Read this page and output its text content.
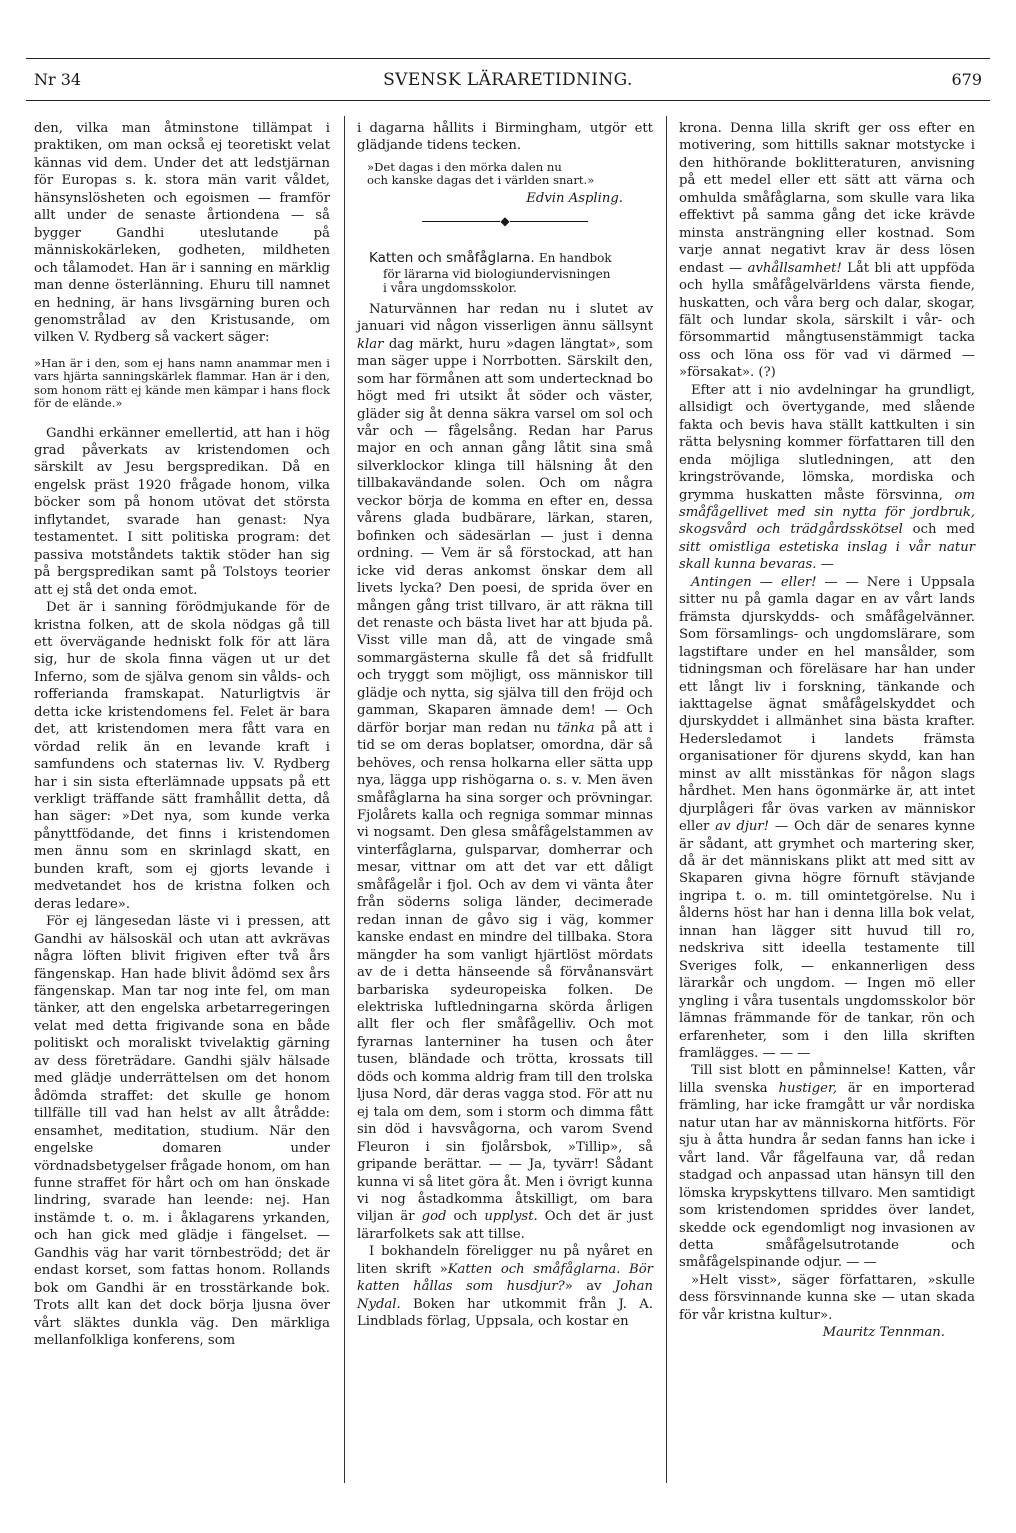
Nr 34	SVENSK LÄRARETIDNING.	679

den, vilka man åtminstone tillämpat i praktiken, om man också ej teoretiskt velat kännas vid dem. Under det att ledstjärnan för Europas s. k. stora män varit våldet, hänsynslösheten och egoismen — framför allt under de senaste årtiondena — så bygger Gandhi uteslutande på människokärleken, godheten, mildheten och tålamodet. Han är i sanning en märklig man denne österlänning. Ehuru till namnet en hedning, är hans livsgärning buren och genomstrålad av den Kristusande, om vilken V. Rydberg så vackert säger:

»Han är i den, som ej hans namn anammar men i vars hjärta sanningskärlek flammar. Han är i den, som honom rätt ej kände men kämpar i hans flock för de elände.»

Gandhi erkänner emellertid, att han i hög grad påverkats av kristendomen och särskilt av Jesu bergspredikan. Då en engelsk präst 1920 frågade honom, vilka böcker som på honom utövat det största inflytandet, svarade han genast: Nya testamentet. I sitt politiska program: det passiva motståndets taktik stöder han sig på bergspredikan samt på Tolstoys teorier att ej stå det onda emot.

Det är i sanning förödmjukande för de kristna folken, att de skola nödgas gå till ett övervägande hedniskt folk för att lära sig, hur de skola finna vägen ut ur det Inferno, som de själva genom sin vålds- och rofferianda framskapat. Naturligtvis är detta icke kristendomens fel. Felet är bara det, att kristendomen mera fått vara en vördad relik än en levande kraft i samfundens och staternas liv. V. Rydberg har i sin sista efterlämnade uppsats på ett verkligt träffande sätt framhållit detta, då han säger: »Det nya, som kunde verka pånyttfödande, det finns i kristendomen men ännu som en skrinlagd skatt, en bunden kraft, som ej gjorts levande i medvetandet hos de kristna folken och deras ledare».

För ej längesedan läste vi i pressen, att Gandhi av hälsoskäl och utan att avkrävas några löften blivit frigiven efter två års fängenskap. Han hade blivit ådömd sex års fängenskap. Man tar nog inte fel, om man tänker, att den engelska arbetarregeringen velat med detta frigivande sona en både politiskt och moraliskt tvivelaktig gärning av dess företrädare. Gandhi själv hälsade med glädje underrättelsen om det honom ådömda straffet: det skulle ge honom tillfälle till vad han helst av allt åtrådde: ensamhet, meditation, studium. När den engelske domaren under vördnadsbetygelser frågade honom, om han funne straffet för hårt och om han önskade lindring, svarade han leende: nej. Han instämde t. o. m. i åklagarens yrkanden, och han gick med glädje i fängelset. — Gandhis väg har varit törnbeströdd; det är endast korset, som fattas honom. Rollands bok om Gandhi är en trosstärkande bok. Trots allt kan det dock börja ljusna över vårt släktes dunkla väg. Den märkliga mellanfolkliga konferens, som

i dagarna hållits i Birmingham, utgör ett glädjande tidens tecken.

»Det dagas i den mörka dalen nu
och kanske dagas det i världen snart.»

Edvin Aspling.

◆

Katten och småfåglarna. En handbok
för lärarna vid biologiundervisningen
i våra ungdomsskolor.

Naturvännen har redan nu i slutet av januari vid någon visserligen ännu sällsynt klar dag märkt, huru »dagen längtat», som man säger uppe i Norrbotten. Särskilt den, som har förmånen att som undertecknad bo högt med fri utsikt åt söder och väster, gläder sig åt denna säkra varsel om sol och vår och — fågelsång. Redan har Parus major en och annan gång låtit sina små silverklockor klinga till hälsning åt den tillbakavändande solen. Och om några veckor börja de komma en efter en, dessa vårens glada budbärare, lärkan, staren, bofinken och sädesärlan — just i denna ordning. — Vem är så förstockad, att han icke vid deras ankomst önskar dem all livets lycka? Den poesi, de sprida över en mången gång trist tillvaro, är att räkna till det renaste och bästa livet har att bjuda på. Visst ville man då, att de vingade små sommargästerna skulle få det så fridfullt och tryggt som möjligt, oss människor till glädje och nytta, sig själva till den fröjd och gamman, Skaparen ämnade dem! — Och därför borjar man redan nu tänka på att i tid se om deras boplatser, omordna, där så behöves, och rensa holkarna eller sätta upp nya, lägga upp rishögarna o. s. v. Men även småfåglarna ha sina sorger och prövningar. Fjolårets kalla och regniga sommar minnas vi nogsamt. Den glesa småfågelstammen av vinterfåglarna, gulsparvar, domherrar och mesar, vittnar om att det var ett dåligt småfågelår i fjol. Och av dem vi vänta åter från söderns soliga länder, decimerade redan innan de gåvo sig i väg, kommer kanske endast en mindre del tillbaka. Stora mängder ha som vanligt hjärtlöst mördats av de i detta hänseende så förvånansvärt barbariska sydeuropeiska folken. De elektriska luftledningarna skörda årligen allt fler och fler småfågelliv. Och mot fyrarnas lanterniner ha tusen och åter tusen, bländade och trötta, krossats till döds och komma aldrig fram till den trolska ljusa Nord, där deras vagga stod. För att nu ej tala om dem, som i storm och dimma fått sin död i havsvågorna, och varom Svend Fleuron i sin fjolårsbok, »Tillip», så gripande berättar. — — Ja, tyvärr! Sådant kunna vi så litet göra åt. Men i övrigt kunna vi nog åstadkomma åtskilligt, om bara viljan är god och upplyst. Och det är just lärarfolkets sak att tillse.

I bokhandeln föreligger nu på nyåret en liten skrift »Katten och småfåglarna. Bör katten hållas som husdjur?» av Johan Nydal. Boken har utkommit från J. A. Lindblads förlag, Uppsala, och kostar en

krona. Denna lilla skrift ger oss efter en motivering, som hittills saknar motstycke i den hithörande boklitteraturen, anvisning på ett medel eller ett sätt att värna och omhulda småfåglarna, som skulle vara lika effektivt på samma gång det icke krävde minsta ansträngning eller kostnad. Som varje annat negativt krav är dess lösen endast — avhållsamhet! Låt bli att uppföda och hylla småfågelvärldens värsta fiende, huskatten, och våra berg och dalar, skogar, fält och lundar skola, särskilt i vår- och försommartid mångtusenstämmigt tacka oss och löna oss för vad vi därmed — »försakat». (?)

Efter att i nio avdelningar ha grundligt, allsidigt och övertygande, med slående fakta och bevis hava ställt kattkulten i sin rätta belysning kommer författaren till den enda möjliga slutledningen, att den kringströvande, lömska, mordiska och grymma huskatten måste försvinna, om småfågellivet med sin nytta för jordbruk, skogsvård och trädgårdsskötsel och med sitt omistliga estetiska inslag i vår natur skall kunna bevaras. —

Antingen — eller! — — Nere i Uppsala sitter nu på gamla dagar en av vårt lands främsta djurskydds- och småfågelvänner. Som församlings- och ungdomslärare, som lagstiftare under en hel mansålder, som tidningsman och föreläsare har han under ett långt liv i forskning, tänkande och iakttagelse ägnat småfågelskyddet och djurskyddet i allmänhet sina bästa krafter. Hedersledamot i landets främsta organisationer för djurens skydd, kan han minst av allt misstänkas för någon slags hårdhet. Men hans ögonmärke är, att intet djurplågeri får övas varken av människor eller av djur! — Och där de senares kynne är sådant, att grymhet och martering sker, då är det människans plikt att med sitt av Skaparen givna högre förnuft stävjande ingripa t. o. m. till omintetgörelse. Nu i ålderns höst har han i denna lilla bok velat, innan han lägger sitt huvud till ro, nedskriva sitt ideella testamente till Sveriges folk, — enkannerligen dess lärarkår och ungdom. — Ingen mö eller yngling i våra tusentals ungdomsskolor bör lämnas främmande för de tankar, rön och erfarenheter, som i den lilla skriften framlägges. — — —

Till sist blott en påminnelse! Katten, vår lilla svenska hustiger, är en importerad främling, har icke framgått ur vår nordiska natur utan har av människorna hitförts. För sju à åtta hundra år sedan fanns han icke i vårt land. Vår fågelfauna var, då redan stadgad och anpassad utan hänsyn till den lömska krypskyttens tillvaro. Men samtidigt som kristendomen spriddes över landet, skedde ock egendomligt nog invasionen av detta småfågelsutrotande och småfågelspinande odjur. — —

»Helt visst», säger författaren, »skulle dess försvinnande kunna ske — utan skada för vår kristna kultur».

Mauritz Tennman.
